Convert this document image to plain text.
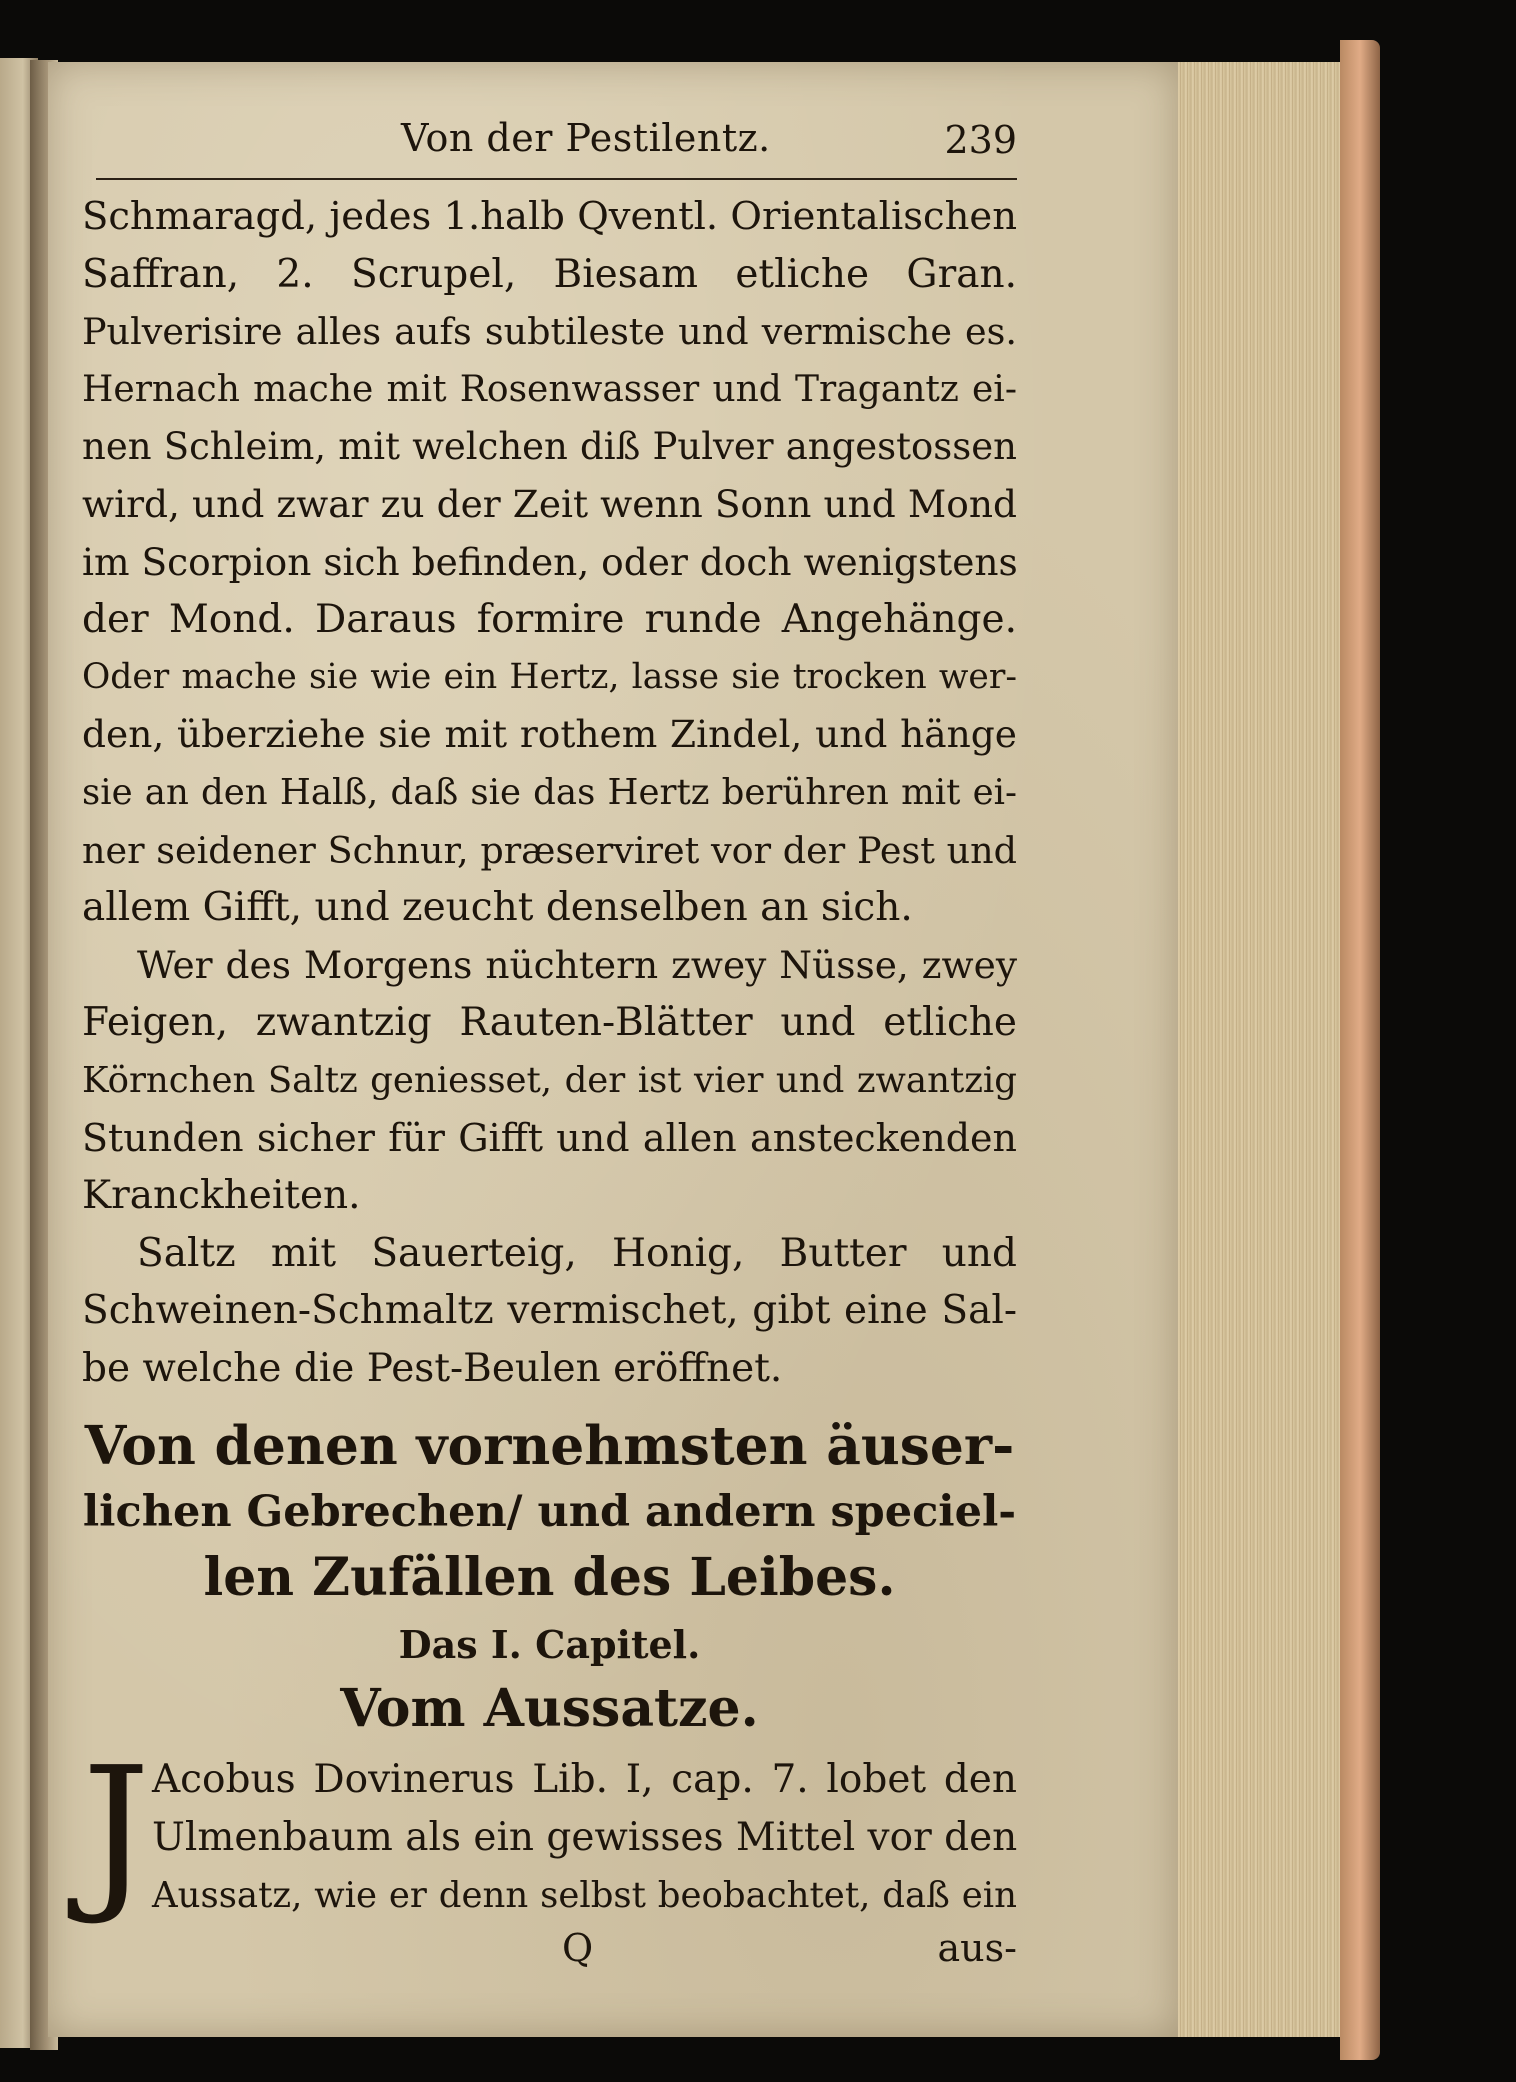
Von der Pestilentz.	239
Schmaragd, jedes 1.halb Qventl. Orientalischen
Saffran, 2. Scrupel, Biesam etliche Gran.
Pulverisire alles aufs subtileste und vermische es.
Hernach mache mit Rosenwasser und Tragantz ei-
nen Schleim, mit welchen diß Pulver angestossen
wird, und zwar zu der Zeit wenn Sonn und Mond
im Scorpion sich befinden, oder doch wenigstens
der Mond. Daraus formire runde Angehänge.
Oder mache sie wie ein Hertz, lasse sie trocken wer-
den, überziehe sie mit rothem Zindel, und hänge
sie an den Halß, daß sie das Hertz berühren mit ei-
ner seidener Schnur, præserviret vor der Pest und
allem Gifft, und zeucht denselben an sich.
Wer des Morgens nüchtern zwey Nüsse, zwey
Feigen, zwantzig Rauten-Blätter und etliche
Körnchen Saltz geniesset, der ist vier und zwantzig
Stunden sicher für Gifft und allen ansteckenden
Kranckheiten.
Saltz mit Sauerteig, Honig, Butter und
Schweinen-Schmaltz vermischet, gibt eine Sal-
be welche die Pest-Beulen eröffnet.
Von denen vornehmsten äuser-
lichen Gebrechen/ und andern speciel-
len Zufällen des Leibes.
Das I. Capitel.
Vom Aussatze.
J Acobus Dovinerus Lib. I, cap. 7. lobet den
Ulmenbaum als ein gewisses Mittel vor den
Aussatz, wie er denn selbst beobachtet, daß ein
Q	aus-
